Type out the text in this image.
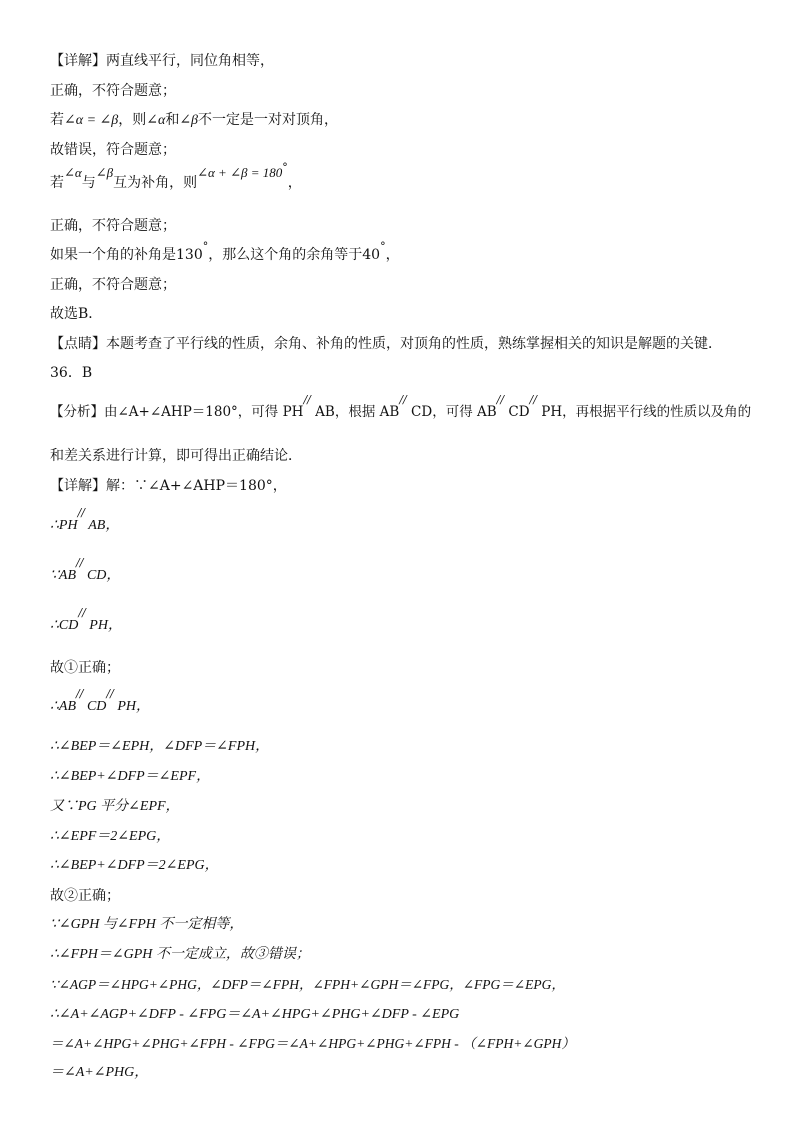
【详解】两直线平行，同位角相等，
正确，不符合题意；
若∠α = ∠β，则∠α和∠β不一定是一对对顶角，
故错误，符合题意；
若∠α与∠β互为补角，则∠α + ∠β = 180°，
正确，不符合题意；
如果一个角的补角是130°，那么这个角的余角等于40°，
正确，不符合题意；
故选B．
【点睛】本题考查了平行线的性质，余角、补角的性质，对顶角的性质，熟练掌握相关的知识是解题的关键．
36．B
【分析】由∠A+∠AHP＝180°，可得 PH// AB，根据 AB// CD，可得 AB// CD// PH，再根据平行线的性质以及角的
和差关系进行计算，即可得出正确结论．
【详解】解：∵∠A+∠AHP＝180°，
∴PH// AB，
∵AB// CD，
∴CD// PH，
故①正确；
∴AB// CD// PH，
∴∠BEP＝∠EPH，∠DFP＝∠FPH，
∴∠BEP+∠DFP＝∠EPF，
又∵PG 平分∠EPF，
∴∠EPF＝2∠EPG，
∴∠BEP+∠DFP＝2∠EPG，
故②正确；
∵∠GPH 与∠FPH 不一定相等，
∴∠FPH＝∠GPH 不一定成立，故③错误；
∵∠AGP＝∠HPG+∠PHG，∠DFP＝∠FPH，∠FPH+∠GPH＝∠FPG，∠FPG＝∠EPG，
∴∠A+∠AGP+∠DFP - ∠FPG＝∠A+∠HPG+∠PHG+∠DFP - ∠EPG
＝∠A+∠HPG+∠PHG+∠FPH - ∠FPG＝∠A+∠HPG+∠PHG+∠FPH - （∠FPH+∠GPH）
＝∠A+∠PHG，
